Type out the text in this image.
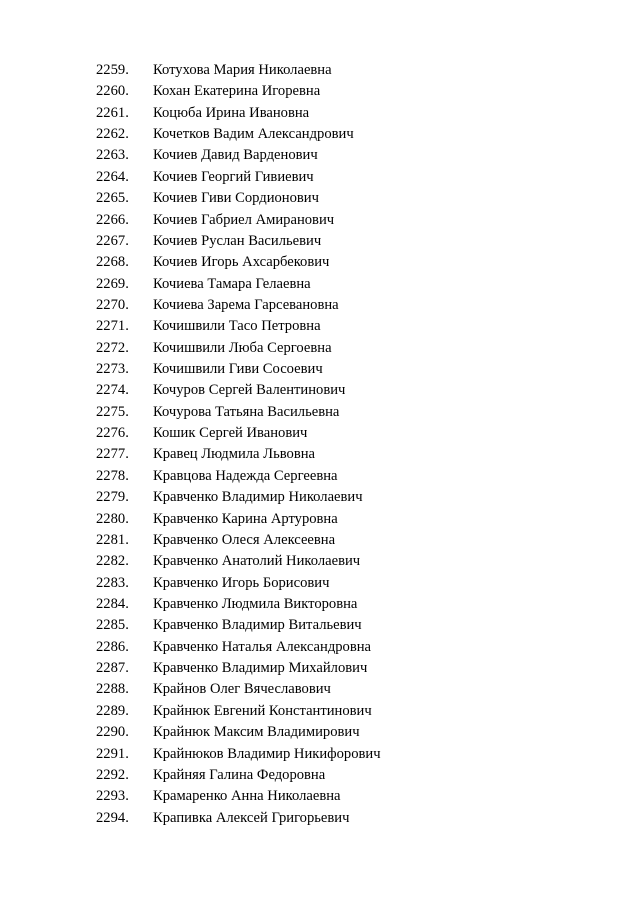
2259.	Котухова Мария Николаевна
2260.	Кохан Екатерина Игоревна
2261.	Коцюба Ирина Ивановна
2262.	Кочетков Вадим Александрович
2263.	Кочиев Давид Варденович
2264.	Кочиев Георгий Гивиевич
2265.	Кочиев Гиви Сордионович
2266.	Кочиев Габриел Амиранович
2267.	Кочиев Руслан Васильевич
2268.	Кочиев Игорь Ахсарбекович
2269.	Кочиева Тамара Гелаевна
2270.	Кочиева Зарема Гарсевановна
2271.	Кочишвили Тасо Петровна
2272.	Кочишвили Люба Сергоевна
2273.	Кочишвили Гиви Сосоевич
2274.	Кочуров Сергей Валентинович
2275.	Кочурова Татьяна Васильевна
2276.	Кошик Сергей Иванович
2277.	Кравец Людмила Львовна
2278.	Кравцова Надежда Сергеевна
2279.	Кравченко Владимир Николаевич
2280.	Кравченко Карина Артуровна
2281.	Кравченко Олеся Алексеевна
2282.	Кравченко Анатолий Николаевич
2283.	Кравченко Игорь Борисович
2284.	Кравченко Людмила Викторовна
2285.	Кравченко Владимир Витальевич
2286.	Кравченко Наталья Александровна
2287.	Кравченко Владимир Михайлович
2288.	Крайнов Олег Вячеславович
2289.	Крайнюк Евгений Константинович
2290.	Крайнюк Максим Владимирович
2291.	Крайнюков Владимир Никифорович
2292.	Крайняя Галина Федоровна
2293.	Крамаренко Анна Николаевна
2294.	Крапивка Алексей Григорьевич
